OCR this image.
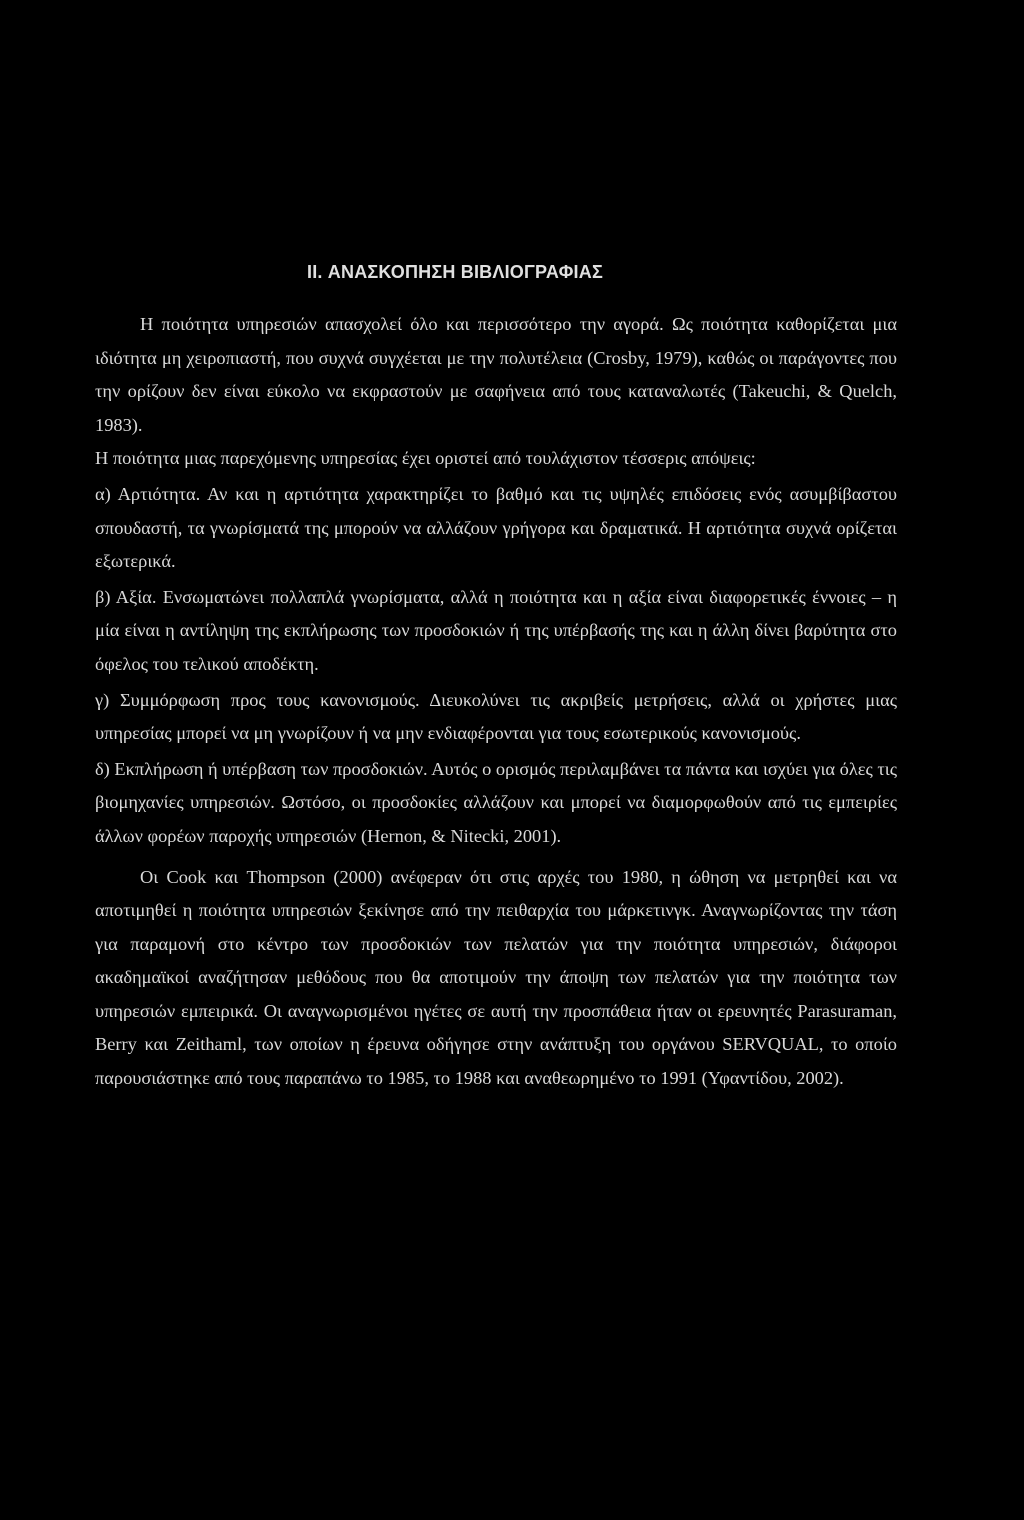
II. ΑΝΑΣΚΟΠΗΣΗ ΒΙΒΛΙΟΓΡΑΦΙΑΣ

Η ποιότητα υπηρεσιών απασχολεί όλο και περισσότερο την αγορά. Ως ποιότητα καθορίζεται μια ιδιότητα μη χειροπιαστή, που συχνά συγχέεται με την πολυτέλεια (Crosby, 1979), καθώς οι παράγοντες που την ορίζουν δεν είναι εύκολο να εκφραστούν με σαφήνεια από τους καταναλωτές (Takeuchi, & Quelch, 1983).

Η ποιότητα μιας παρεχόμενης υπηρεσίας έχει οριστεί από τουλάχιστον τέσσερις απόψεις:

α) Αρτιότητα. Αν και η αρτιότητα χαρακτηρίζει το βαθμό και τις υψηλές επιδόσεις ενός ασυμβίβαστου σπουδαστή, τα γνωρίσματά της μπορούν να αλλάζουν γρήγορα και δραματικά. Η αρτιότητα συχνά ορίζεται εξωτερικά.

β) Αξία. Ενσωματώνει πολλαπλά γνωρίσματα, αλλά η ποιότητα και η αξία είναι διαφορετικές έννοιες – η μία είναι η αντίληψη της εκπλήρωσης των προσδοκιών ή της υπέρβασής της και η άλλη δίνει βαρύτητα στο όφελος του τελικού αποδέκτη.

γ) Συμμόρφωση προς τους κανονισμούς. Διευκολύνει τις ακριβείς μετρήσεις, αλλά οι χρήστες μιας υπηρεσίας μπορεί να μη γνωρίζουν ή να μην ενδιαφέρονται για τους εσωτερικούς κανονισμούς.

δ) Εκπλήρωση ή υπέρβαση των προσδοκιών. Αυτός ο ορισμός περιλαμβάνει τα πάντα και ισχύει για όλες τις βιομηχανίες υπηρεσιών. Ωστόσο, οι προσδοκίες αλλάζουν και μπορεί να διαμορφωθούν από τις εμπειρίες άλλων φορέων παροχής υπηρεσιών (Hernon, & Nitecki, 2001).

Οι Cook και Thompson (2000) ανέφεραν ότι στις αρχές του 1980, η ώθηση να μετρηθεί και να αποτιμηθεί η ποιότητα υπηρεσιών ξεκίνησε από την πειθαρχία του μάρκετινγκ. Αναγνωρίζοντας την τάση για παραμονή στο κέντρο των προσδοκιών των πελατών για την ποιότητα υπηρεσιών, διάφοροι ακαδημαϊκοί αναζήτησαν μεθόδους που θα αποτιμούν την άποψη των πελατών για την ποιότητα των υπηρεσιών εμπειρικά. Οι αναγνωρισμένοι ηγέτες σε αυτή την προσπάθεια ήταν οι ερευνητές Parasuraman, Berry και Zeithaml, των οποίων η έρευνα οδήγησε στην ανάπτυξη του οργάνου SERVQUAL, το οποίο παρουσιάστηκε από τους παραπάνω το 1985, το 1988 και αναθεωρημένο το 1991 (Υφαντίδου, 2002).
